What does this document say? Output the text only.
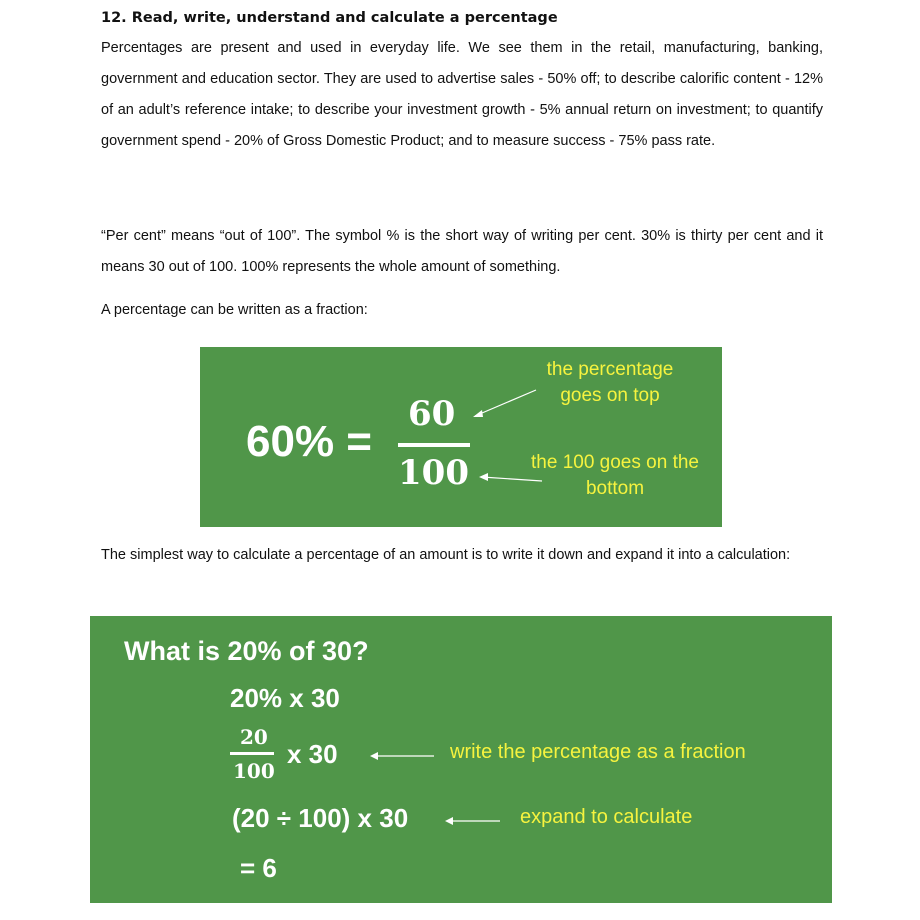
12. Read, write, understand and calculate a percentage

Percentages are present and used in everyday life. We see them in the retail, manufacturing, banking, government and education sector. They are used to advertise sales - 50% off; to describe calorific content - 12% of an adult’s reference intake; to describe your investment growth - 5% annual return on investment; to quantify government spend - 20% of Gross Domestic Product; and to measure success - 75% pass rate.

“Per cent” means “out of 100”. The symbol % is the short way of writing per cent. 30% is thirty per cent and it means 30 out of 100. 100% represents the whole amount of something.

A percentage can be written as a fraction:

60% =
60
100
the percentage goes on top
the 100 goes on the bottom

The simplest way to calculate a percentage of an amount is to write it down and expand it into a calculation:

What is 20% of 30?
20% x 30
20
100
x 30
(20 ÷ 100) x 30
= 6
write the percentage as a fraction
expand to calculate
